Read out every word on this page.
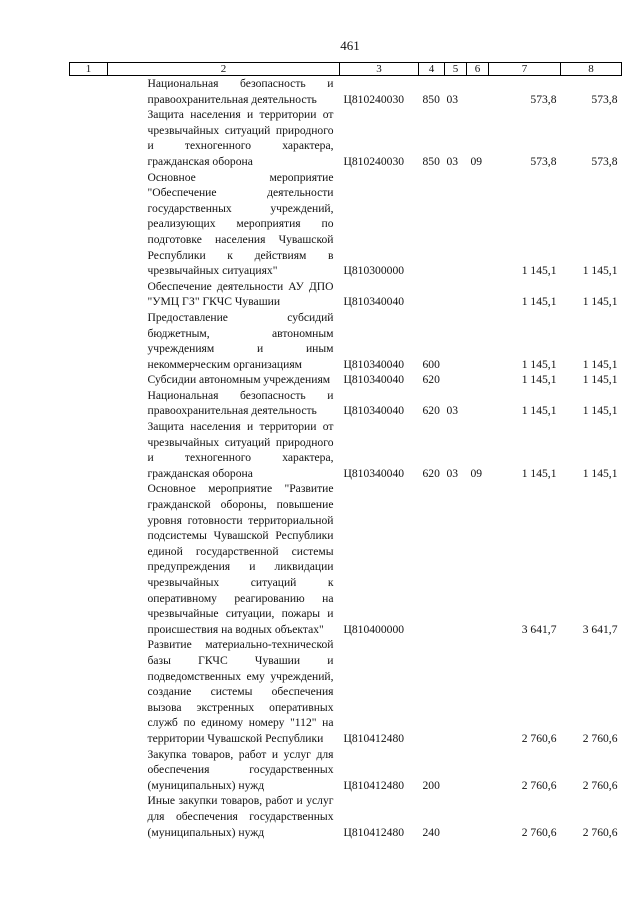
461
1	2	3	4	5	6	7	8
	Национальная безопасность и правоохранительная деятельность	Ц810240030	850	03		573,8	573,8
	Защита населения и территории от чрезвычайных ситуаций природного и техногенного характера, гражданская оборона	Ц810240030	850	03	09	573,8	573,8
	Основное мероприятие "Обеспечение деятельности государственных учреждений, реализующих мероприятия по подготовке населения Чувашской Республики к действиям в чрезвычайных ситуациях"	Ц810300000				1 145,1	1 145,1
	Обеспечение деятельности АУ ДПО "УМЦ ГЗ" ГКЧС Чувашии	Ц810340040				1 145,1	1 145,1
	Предоставление субсидий бюджетным, автономным учреждениям и иным некоммерческим организациям	Ц810340040	600			1 145,1	1 145,1
	Субсидии автономным учреждениям	Ц810340040	620			1 145,1	1 145,1
	Национальная безопасность и правоохранительная деятельность	Ц810340040	620	03		1 145,1	1 145,1
	Защита населения и территории от чрезвычайных ситуаций природного и техногенного характера, гражданская оборона	Ц810340040	620	03	09	1 145,1	1 145,1
	Основное мероприятие "Развитие гражданской обороны, повышение уровня готовности территориальной подсистемы Чувашской Республики единой государственной системы предупреждения и ликвидации чрезвычайных ситуаций к оперативному реагированию на чрезвычайные ситуации, пожары и происшествия на водных объектах"	Ц810400000				3 641,7	3 641,7
	Развитие материально-технической базы ГКЧС Чувашии и подведомственных ему учреждений, создание системы обеспечения вызова экстренных оперативных служб по единому номеру "112" на территории Чувашской Республики	Ц810412480				2 760,6	2 760,6
	Закупка товаров, работ и услуг для обеспечения государственных (муниципальных) нужд	Ц810412480	200			2 760,6	2 760,6
	Иные закупки товаров, работ и услуг для обеспечения государственных (муниципальных) нужд	Ц810412480	240			2 760,6	2 760,6
